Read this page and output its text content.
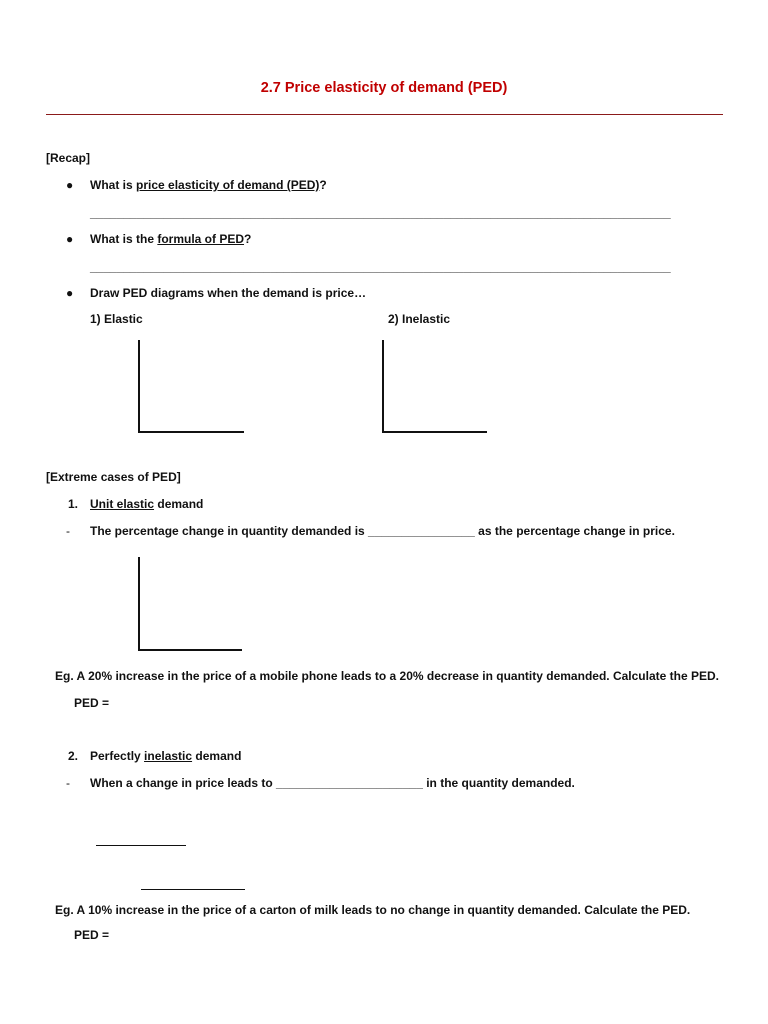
2.7 Price elasticity of demand (PED)
[Recap]
● What is price elasticity of demand (PED)?
_______________________________________________________________________________________
● What is the formula of PED?
_______________________________________________________________________________________
● Draw PED diagrams when the demand is price…
1) Elastic	2) Inelastic
[Extreme cases of PED]
1. Unit elastic demand
- The percentage change in quantity demanded is ________________ as the percentage change in price.
Eg. A 20% increase in the price of a mobile phone leads to a 20% decrease in quantity demanded. Calculate the PED.
PED =
2. Perfectly inelastic demand
- When a change in price leads to ______________________ in the quantity demanded.
Eg. A 10% increase in the price of a carton of milk leads to no change in quantity demanded. Calculate the PED.
PED =
